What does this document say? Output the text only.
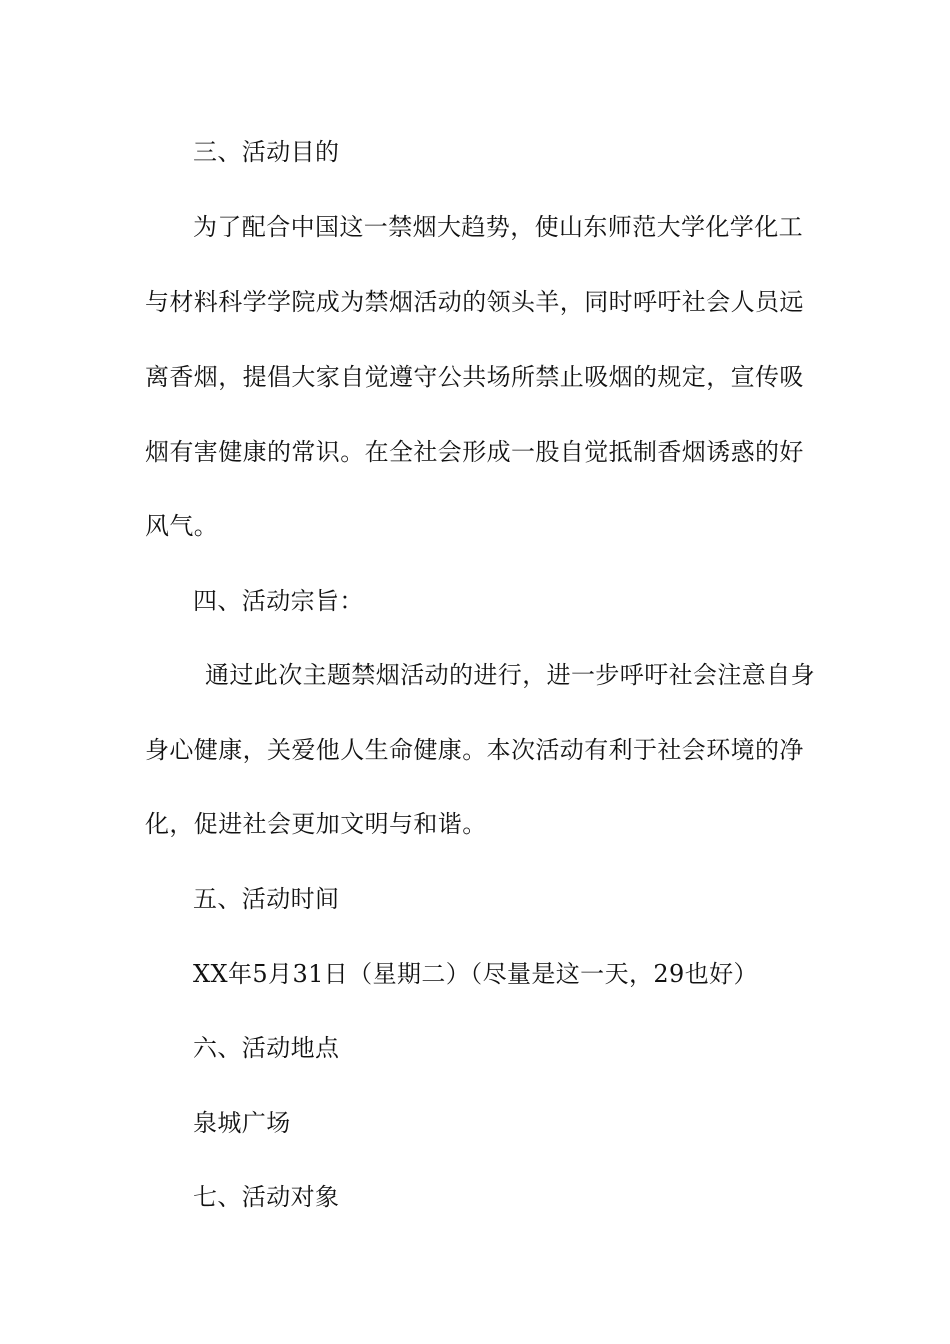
三、活动目的
为了配合中国这一禁烟大趋势，使山东师范大学化学化工
与材料科学学院成为禁烟活动的领头羊，同时呼吁社会人员远
离香烟，提倡大家自觉遵守公共场所禁止吸烟的规定，宣传吸
烟有害健康的常识。在全社会形成一股自觉抵制香烟诱惑的好
风气。
四、活动宗旨：
通过此次主题禁烟活动的进行，进一步呼吁社会注意自身
身心健康，关爱他人生命健康。本次活动有利于社会环境的净
化，促进社会更加文明与和谐。
五、活动时间
XX年5月31日（星期二）（尽量是这一天，29也好）
六、活动地点
泉城广场
七、活动对象
